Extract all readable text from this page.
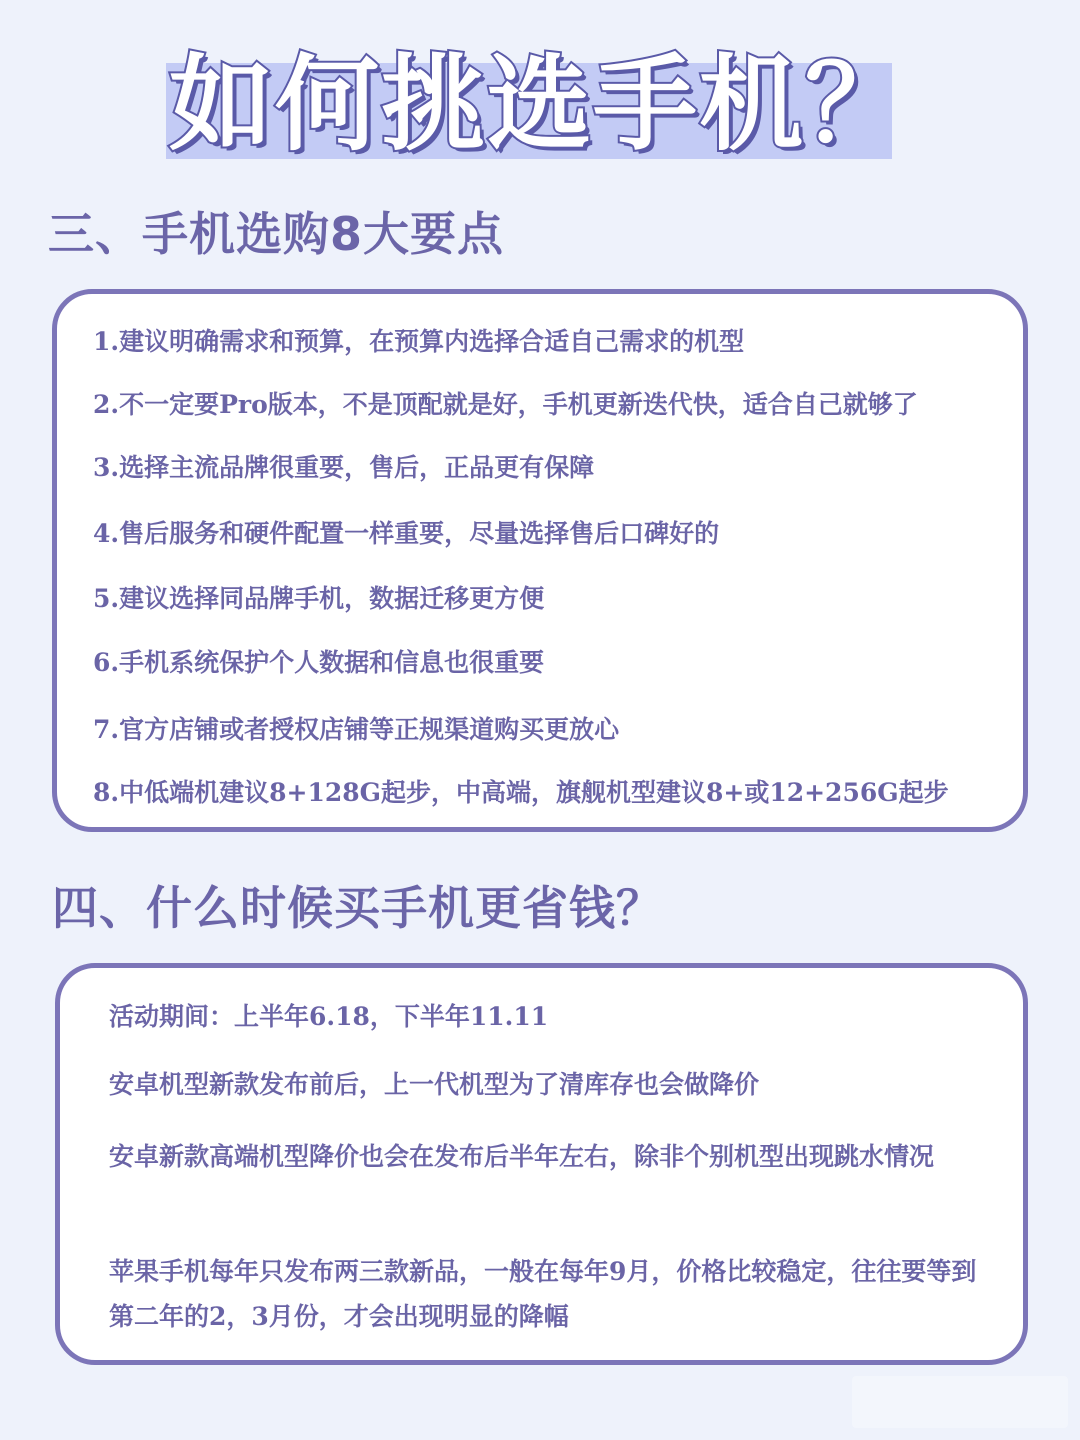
如何挑选手机？
三、手机选购8大要点

1.建议明确需求和预算，在预算内选择合适自己需求的机型

2.不一定要Pro版本，不是顶配就是好，手机更新迭代快，适合自己就够了

3.选择主流品牌很重要，售后，正品更有保障

4.售后服务和硬件配置一样重要，尽量选择售后口碑好的

5.建议选择同品牌手机，数据迁移更方便

6.手机系统保护个人数据和信息也很重要

7.官方店铺或者授权店铺等正规渠道购买更放心

8.中低端机建议8+128G起步，中高端，旗舰机型建议8+或12+256G起步

四、什么时候买手机更省钱？

活动期间：上半年6.18，下半年11.11

安卓机型新款发布前后，上一代机型为了清库存也会做降价

安卓新款高端机型降价也会在发布后半年左右，除非个别机型出现跳水情况

苹果手机每年只发布两三款新品，一般在每年9月，价格比较稳定，往往要等到第二年的2，3月份，才会出现明显的降幅
